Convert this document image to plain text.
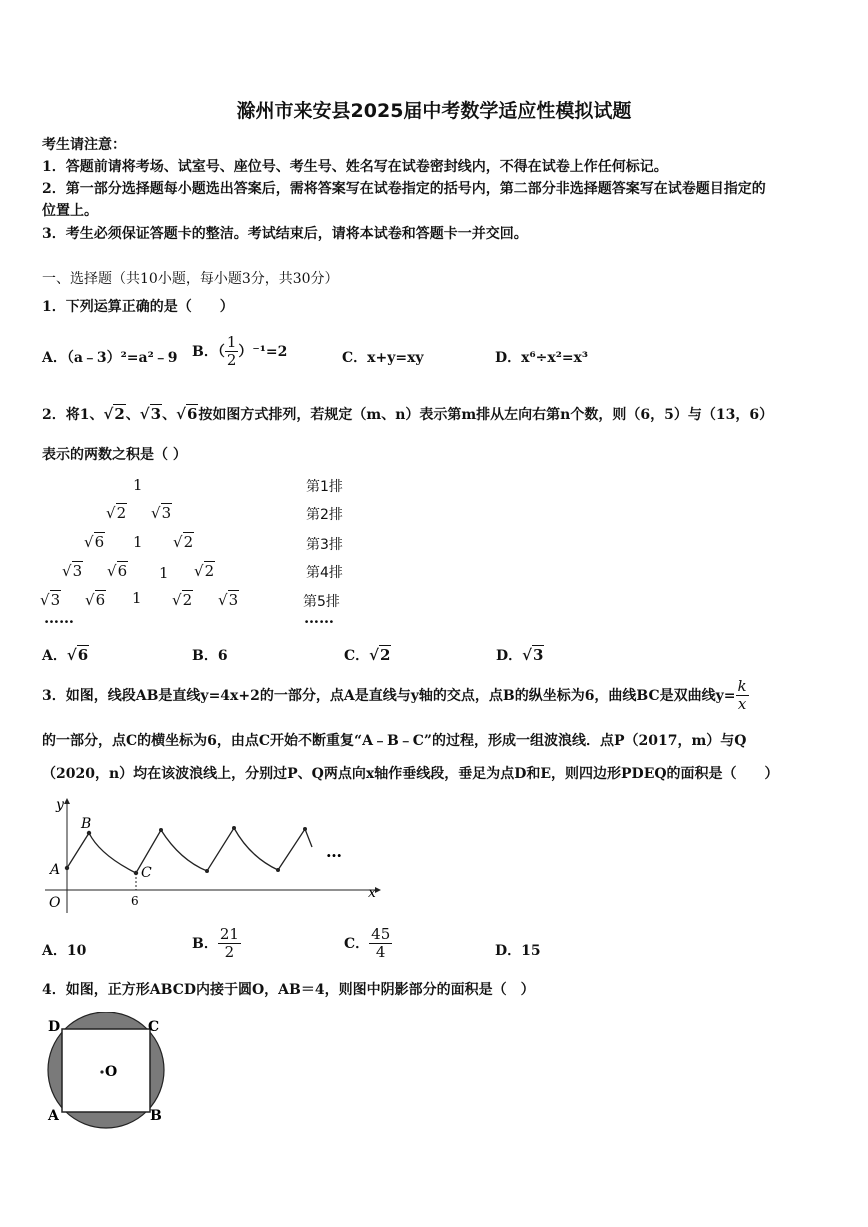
滁州市来安县2025届中考数学适应性模拟试题
考生请注意：
1．答题前请将考场、试室号、座位号、考生号、姓名写在试卷密封线内，不得在试卷上作任何标记。
2．第一部分选择题每小题选出答案后，需将答案写在试卷指定的括号内，第二部分非选择题答案写在试卷题目指定的
位置上。
3．考生必须保证答题卡的整洁。考试结束后，请将本试卷和答题卡一并交回。
一、选择题（共10小题，每小题3分，共30分）
1．下列运算正确的是（　　）
A．（a﹣3）²=a²﹣9 B．（ $\frac{1}{2} )^{-1}=2$	C．x+y=xy	D．x⁶÷x²=x³
2．将1、√2、√3、√6按如图方式排列，若规定（m、n）表示第m排从左向右第n个数，则（6，5）与（13，6）
表示的两数之积是（ ）
1
√2 √3
√6 1 √2
√3 √6 1 √2
√3 √6 1 √2 √3
……
第1排
第2排
第3排
第4排
第5排
……
A．√6	B．6	C．√2	D．√3
3．如图，线段AB是直线y=4x+2的一部分，点A是直线与y轴的交点，点B的纵坐标为6，曲线BC是双曲线$y= \frac{k}{x}$
的一部分，点C的横坐标为6，由点C开始不断重复“A﹣B﹣C”的过程，形成一组波浪线．点P（2017，m）与Q
（2020，n）均在该波浪线上，分别过P、Q两点向x轴作垂线段，垂足为点D和E，则四边形PDEQ的面积是（　　）
y
x
O
A
B
C
6
…
A．10	B． $\frac{21}{2}$	C． $\frac{45}{4}$	D．15
4．如图，正方形ABCD内接于圆O，AB＝4，则图中阴影部分的面积是（　）
D	C
A	B
O
